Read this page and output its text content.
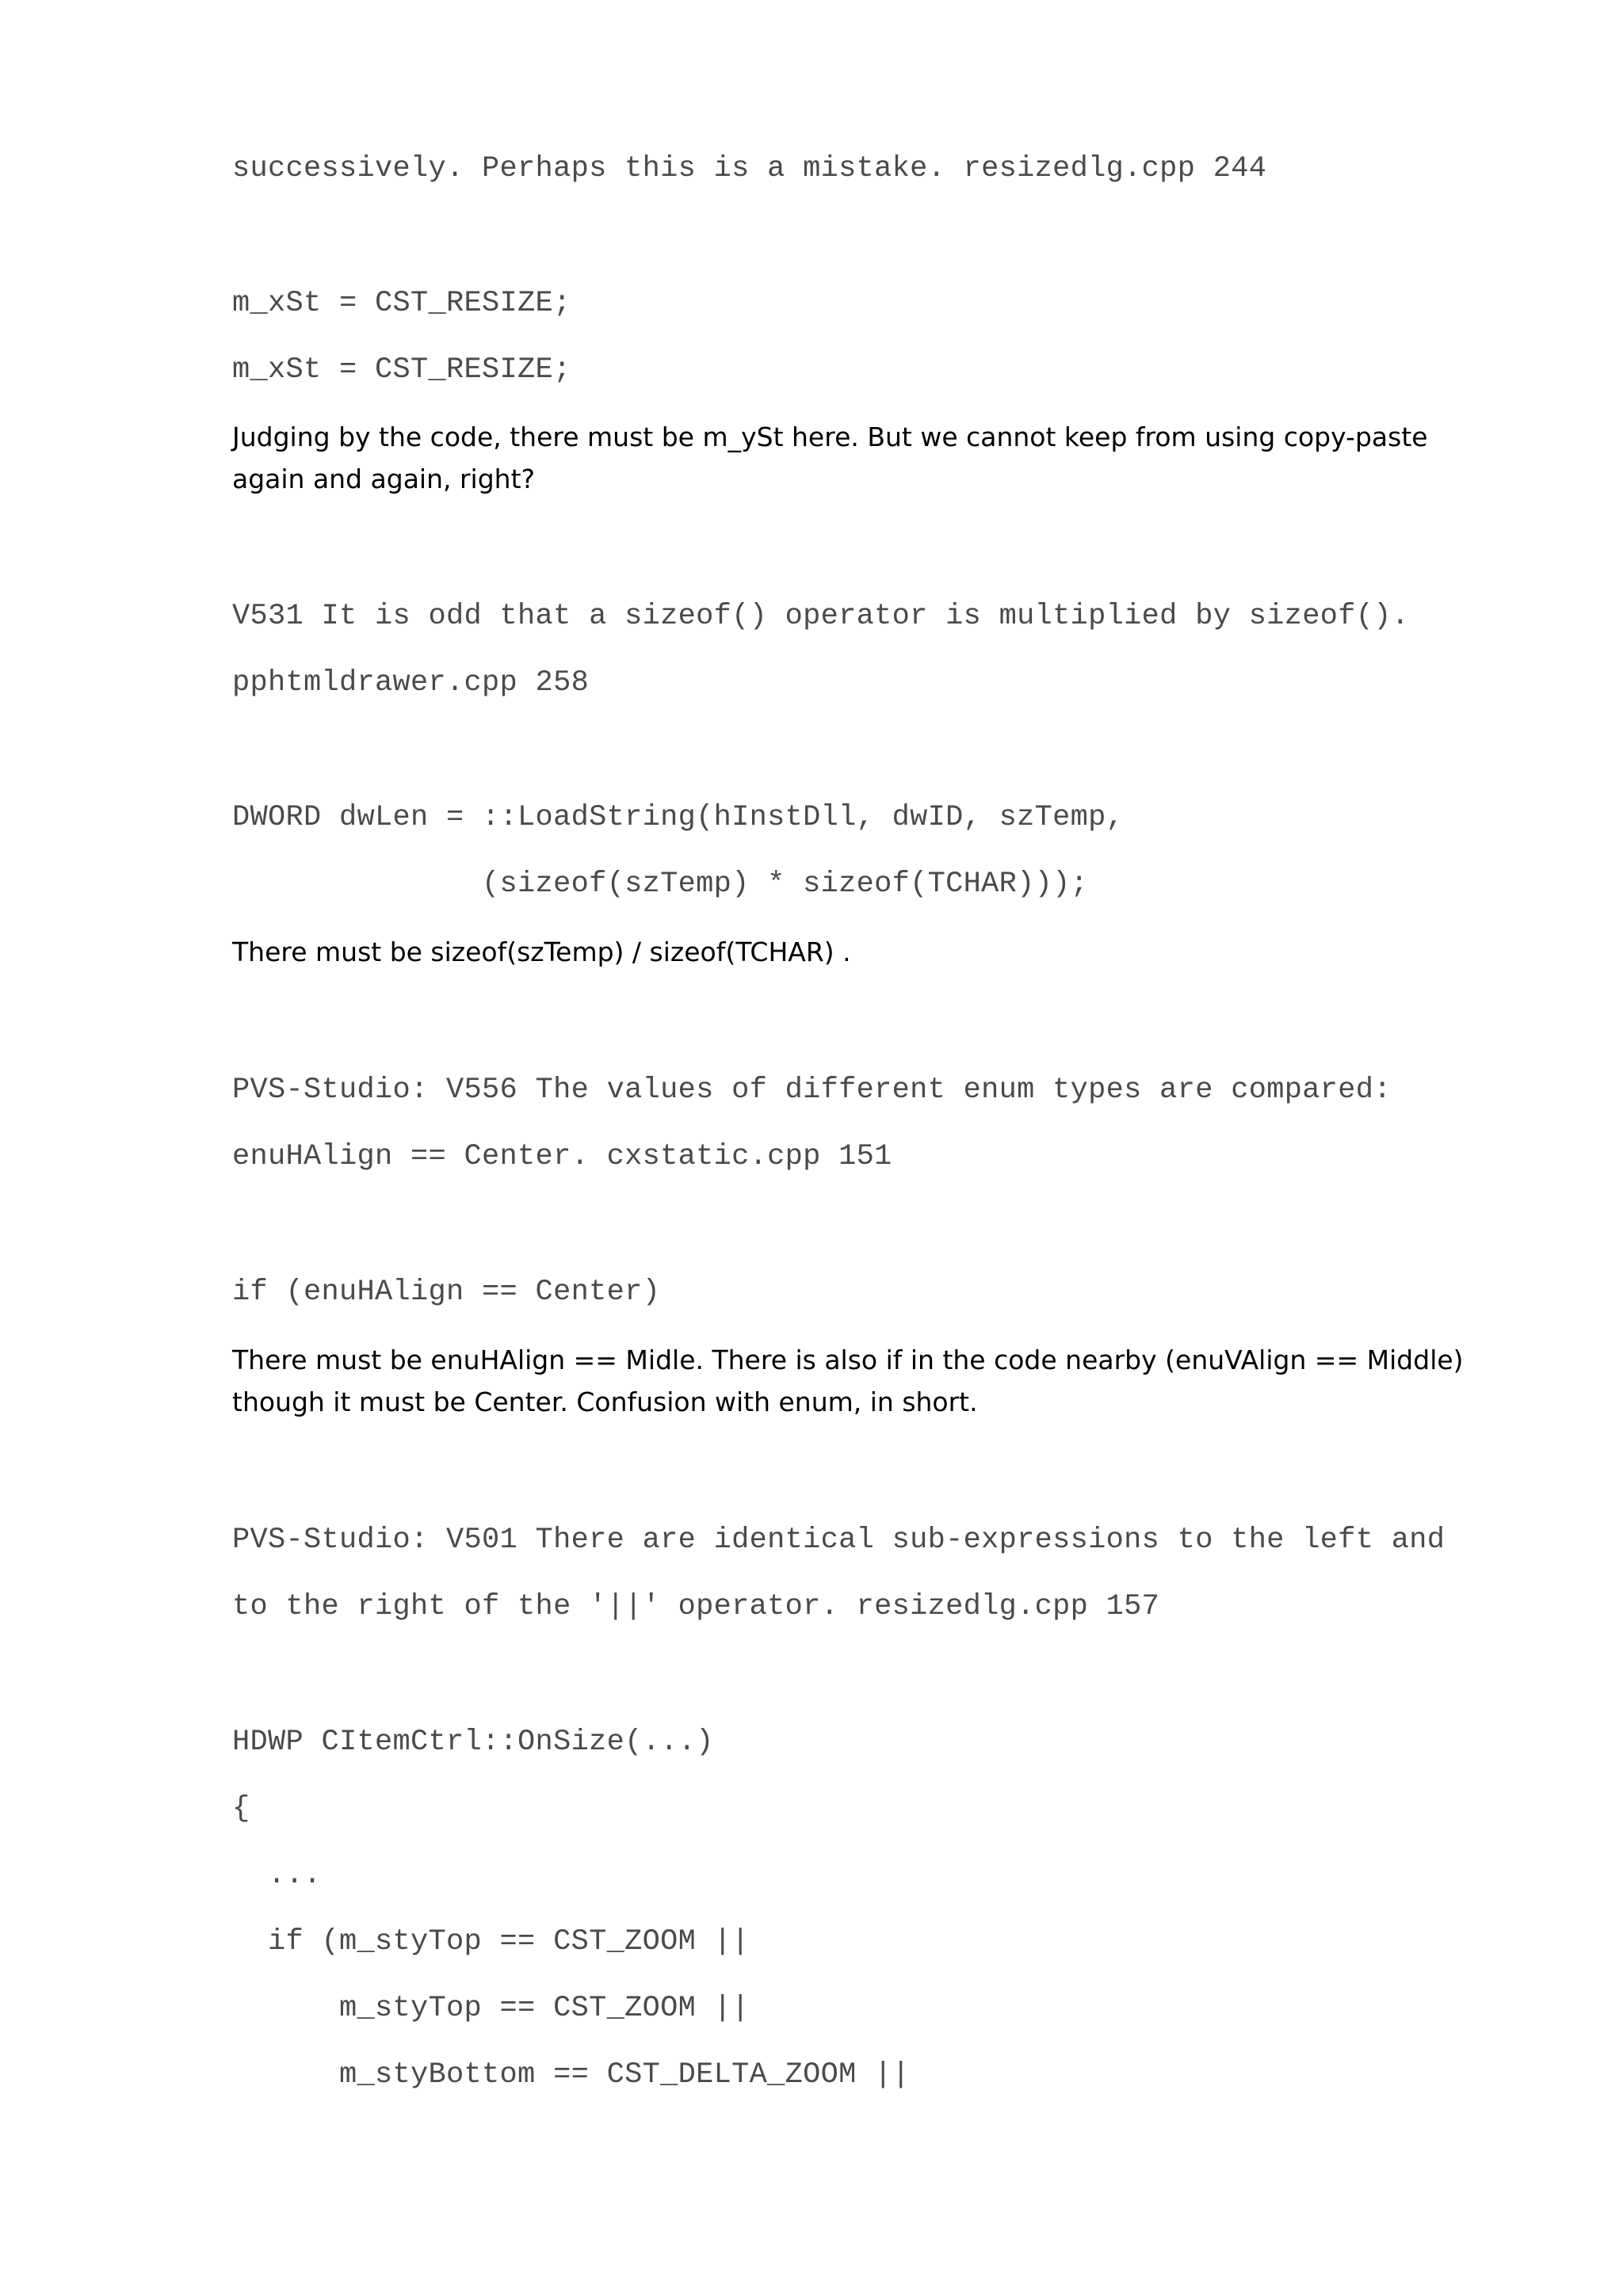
successively. Perhaps this is a mistake. resizedlg.cpp 244
m_xSt = CST_RESIZE;
m_xSt = CST_RESIZE;
Judging by the code, there must be m_ySt here. But we cannot keep from using copy-paste again and again, right?
V531 It is odd that a sizeof() operator is multiplied by sizeof().
pphtmldrawer.cpp 258
DWORD dwLen = ::LoadString(hInstDll, dwID, szTemp,
(sizeof(szTemp) * sizeof(TCHAR)));
There must be sizeof(szTemp) / sizeof(TCHAR) .
PVS-Studio: V556 The values of different enum types are compared:
enuHAlign == Center. cxstatic.cpp 151
if (enuHAlign == Center)
There must be enuHAlign == Midle. There is also if in the code nearby (enuVAlign == Middle) though it must be Center. Confusion with enum, in short.
PVS-Studio: V501 There are identical sub-expressions to the left and
to the right of the '||' operator. resizedlg.cpp 157
HDWP CItemCtrl::OnSize(...)
{
...
if (m_styTop == CST_ZOOM ||
m_styTop == CST_ZOOM ||
m_styBottom == CST_DELTA_ZOOM ||
